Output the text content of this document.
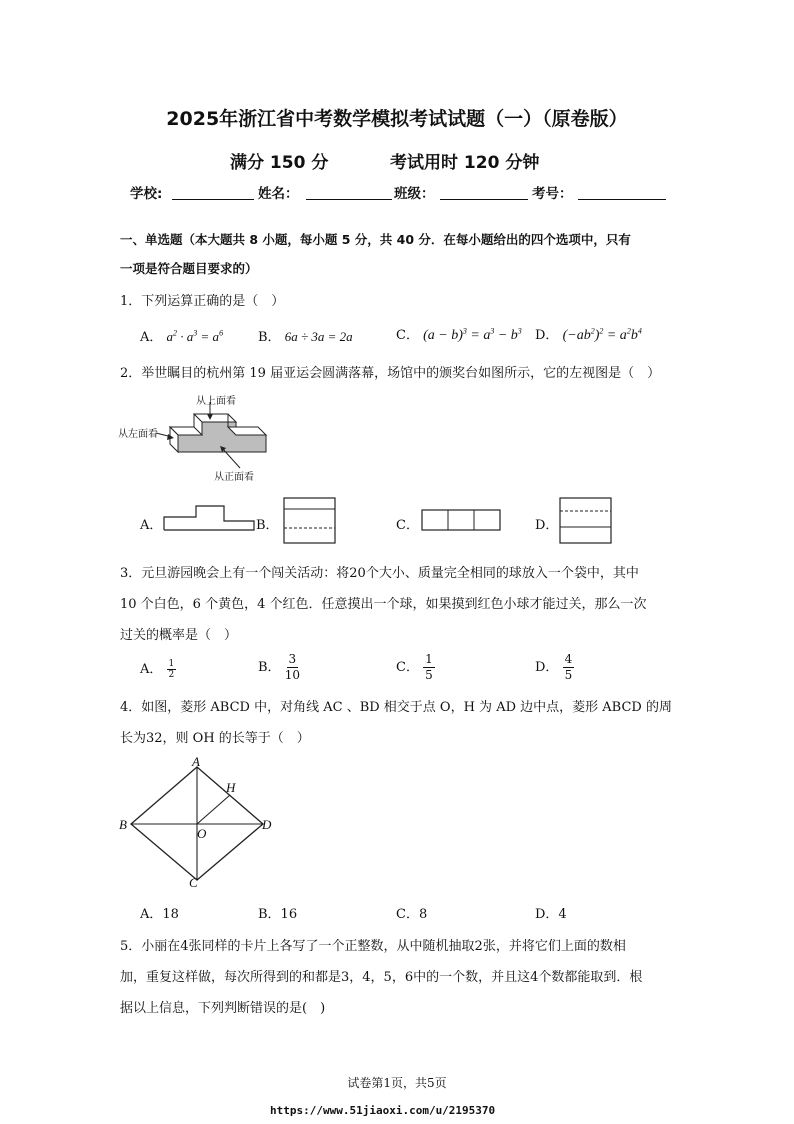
2025年浙江省中考数学模拟考试试题（一）（原卷版）
满分 150 分	考试用时 120 分钟
学校:	姓名：	班级：	考号：
一、单选题（本大题共 8 小题，每小题 5 分，共 40 分．在每小题给出的四个选项中，只有
一项是符合题目要求的）
1．下列运算正确的是（　）
A． $a^2 \cdot a^3 = a^6$	B． 6a ÷ 3a = 2a	C． $(a - b)^3 = a^3 - b^3$ D． $(-ab^2)^2 = a^2b^4$
2．举世瞩目的杭州第 19 届亚运会圆满落幕，场馆中的颁奖台如图所示，它的左视图是（　）
从上面看
从左面看
从正面看
A．	B．	C．	D．
3．元旦游园晚会上有一个闯关活动：将20个大小、质量完全相同的球放入一个袋中，其中
10 个白色，6 个黄色，4 个红色．任意摸出一个球，如果摸到红色小球才能过关，那么一次
过关的概率是（　）
A． $\frac{1}{2}$	B． $\frac{3}{10}$	C． $\frac{1}{5}$	D． $\frac{4}{5}$
4．如图，菱形 ABCD 中，对角线 AC 、BD 相交于点 O，H 为 AD 边中点，菱形 ABCD 的周
长为32，则 OH 的长等于（　）
A
H
B	D
O
C
A．18	B．16	C．8	D．4
5．小丽在4张同样的卡片上各写了一个正整数，从中随机抽取2张，并将它们上面的数相
加，重复这样做，每次所得到的和都是3，4，5，6中的一个数，并且这4个数都能取到．根
据以上信息，下列判断错误的是(　)
试卷第1页，共5页
https://www.51jiaoxi.com/u/2195370
